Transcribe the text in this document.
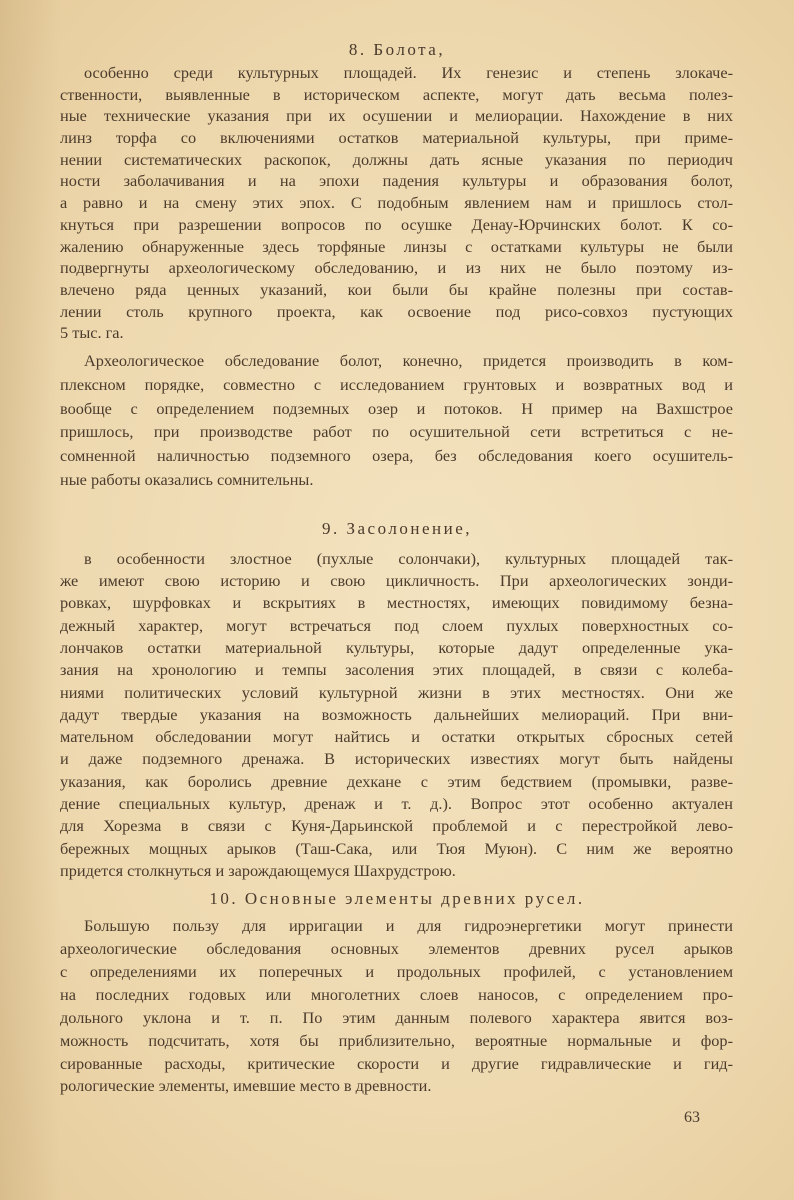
8. Болота,
особенно среди культурных площадей. Их генезис и степень злокаче-
ственности, выявленные в историческом аспекте, могут дать весьма полез-
ные технические указания при их осушении и мелиорации. Нахождение в них
линз торфа со включениями остатков материальной культуры, при приме-
нении систематических раскопок, должны дать ясные указания по периодич
ности заболачивания и на эпохи падения культуры и образования болот,
а равно и на смену этих эпох. С подобным явлением нам и пришлось стол-
кнуться при разрешении вопросов по осушке Денау-Юрчинских болот. К со-
жалению обнаруженные здесь торфяные линзы с остатками культуры не были
подвергнуты археологическому обследованию, и из них не было поэтому из-
влечено ряда ценных указаний, кои были бы крайне полезны при состав-
лении столь крупного проекта, как освоение под рисо-совхоз пустующих
5 тыс. га.
Археологическое обследование болот, конечно, придется производить в ком-
плексном порядке, совместно с исследованием грунтовых и возвратных вод и
вообще с определением подземных озер и потоков. Н пример на Вахшстрое
пришлось, при производстве работ по осушительной сети встретиться с не-
сомненной наличностью подземного озера, без обследования коего осушитель-
ные работы оказались сомнительны.
9. Засолонение,
в особенности злостное (пухлые солончаки), культурных площадей так-
же имеют свою историю и свою цикличность. При археологических зонди-
ровках, шурфовках и вскрытиях в местностях, имеющих повидимому безна-
дежный характер, могут встречаться под слоем пухлых поверхностных со-
лончаков остатки материальной культуры, которые дадут определенные ука-
зания на хронологию и темпы засоления этих площадей, в связи с колеба-
ниями политических условий культурной жизни в этих местностях. Они же
дадут твердые указания на возможность дальнейших мелиораций. При вни-
мательном обследовании могут найтись и остатки открытых сбросных сетей
и даже подземного дренажа. В исторических известиях могут быть найдены
указания, как боролись древние дехкане с этим бедствием (промывки, разве-
дение специальных культур, дренаж и т. д.). Вопрос этот особенно актуален
для Хорезма в связи с Куня-Дарьинской проблемой и с перестройкой лево-
бережных мощных арыков (Таш-Сака, или Тюя Муюн). С ним же вероятно
придется столкнуться и зарождающемуся Шахрудстрою.
10. Основные элементы древних русел.
Большую пользу для ирригации и для гидроэнергетики могут принести
археологические обследования основных элементов древних русел арыков
с определениями их поперечных и продольных профилей, с установлением
на последних годовых или многолетних слоев наносов, с определением про-
дольного уклона и т. п. По этим данным полевого характера явится воз-
можность подсчитать, хотя бы приблизительно, вероятные нормальные и фор-
сированные расходы, критические скорости и другие гидравлические и гид-
рологические элементы, имевшие место в древности.
63
